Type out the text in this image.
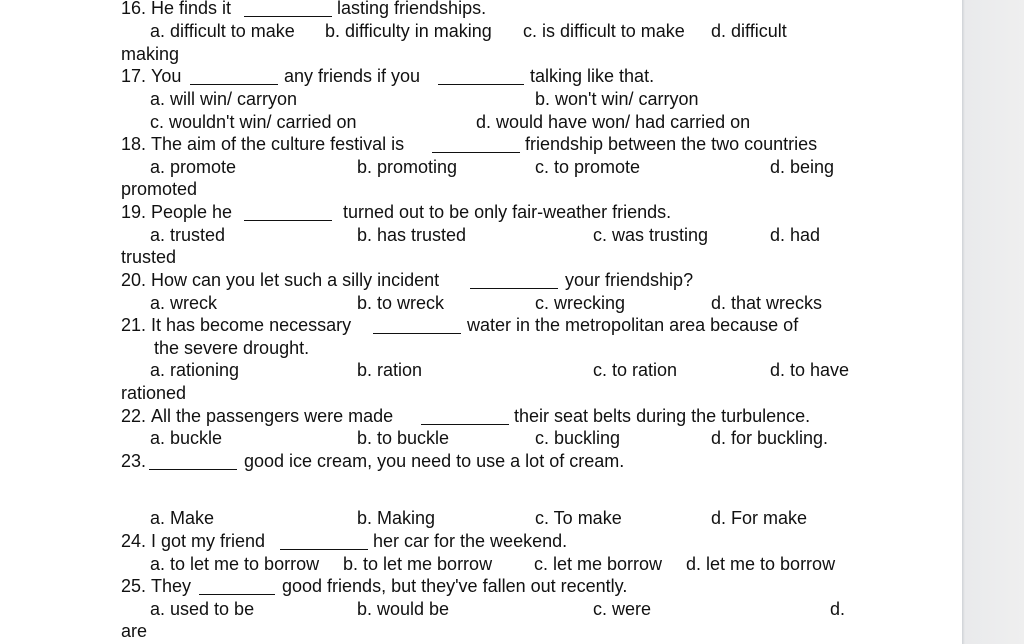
16. He finds it	lasting friendships.
a. difficult to make b. difficulty in making c. is difficult to make d. difficult
making
17. You	any friends if you	talking like that.
a. will win/ carryon	b. won't win/ carryon
c. wouldn't win/ carried on	d. would have won/ had carried on
18. The aim of the culture festival is	friendship between the two countries
a. promote	b. promoting	c. to promote	d. being
promoted
19. People he	turned out to be only fair-weather friends.
a. trusted	b. has trusted	c. was trusting	d. had
trusted
20. How can you let such a silly incident	your friendship?
a. wreck	b. to wreck	c. wrecking	d. that wrecks
21. It has become necessary	water in the metropolitan area because of
the severe drought.
a. rationing	b. ration	c. to ration	d. to have
rationed
22. All the passengers were made	their seat belts during the turbulence.
a. buckle	b. to buckle	c. buckling	d. for buckling.
23.	good ice cream, you need to use a lot of cream.
a. Make	b. Making	c. To make	d. For make
24. I got my friend	her car for the weekend.
a. to let me to borrow b. to let me borrow c. let me borrow d. let me to borrow
25. They	good friends, but they've fallen out recently.
a. used to be	b. would be	c. were	d.
are
